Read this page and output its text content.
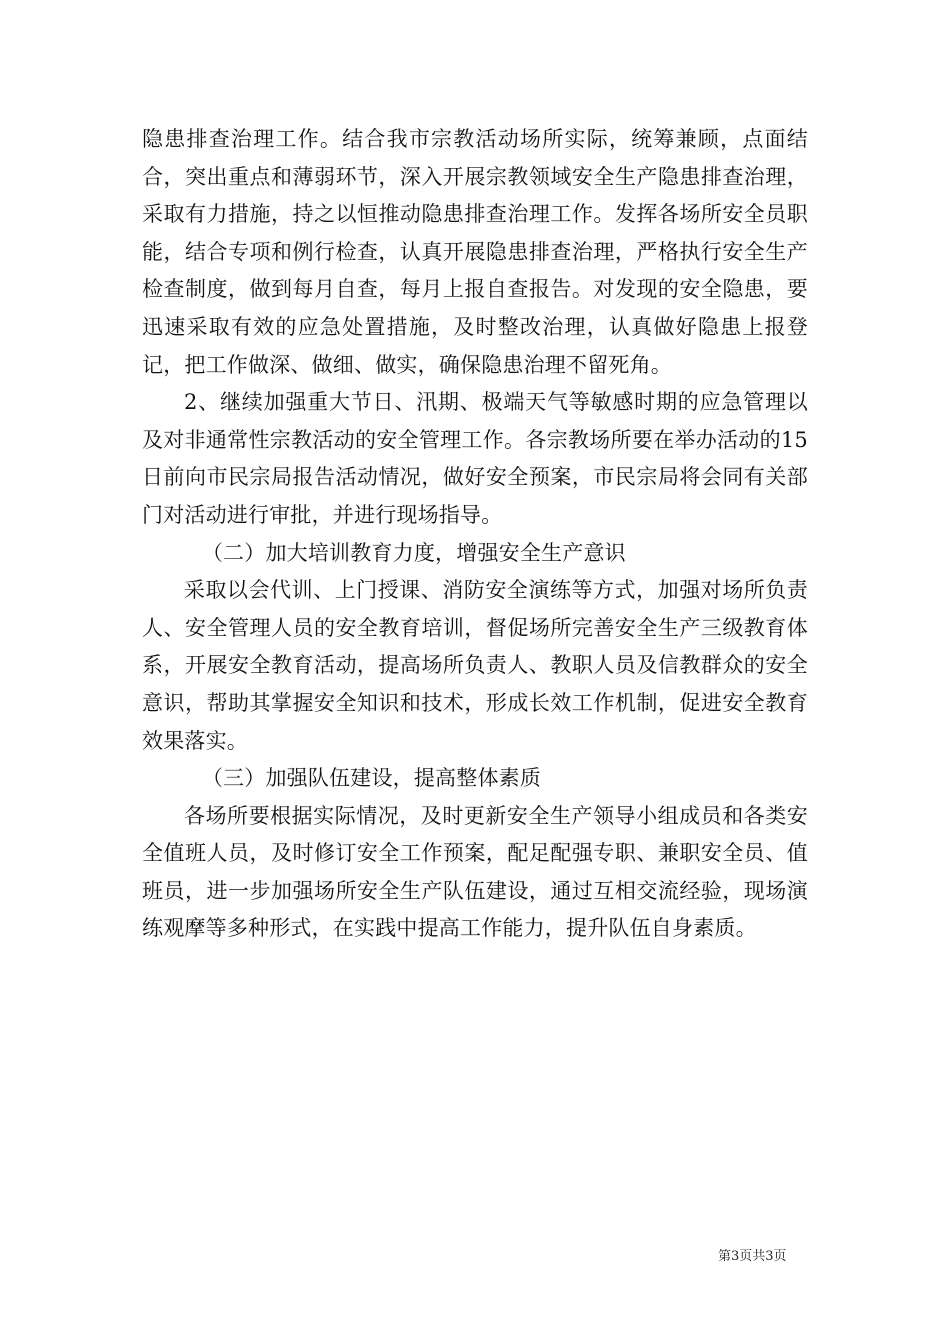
隐患排查治理工作。结合我市宗教活动场所实际，统筹兼顾，点面结合，突出重点和薄弱环节，深入开展宗教领域安全生产隐患排查治理，采取有力措施，持之以恒推动隐患排查治理工作。发挥各场所安全员职能，结合专项和例行检查，认真开展隐患排查治理，严格执行安全生产检查制度，做到每月自查，每月上报自查报告。对发现的安全隐患，要迅速采取有效的应急处置措施，及时整改治理，认真做好隐患上报登记，把工作做深、做细、做实，确保隐患治理不留死角。

2、继续加强重大节日、汛期、极端天气等敏感时期的应急管理以及对非通常性宗教活动的安全管理工作。各宗教场所要在举办活动的15日前向市民宗局报告活动情况，做好安全预案，市民宗局将会同有关部门对活动进行审批，并进行现场指导。

（二）加大培训教育力度，增强安全生产意识

采取以会代训、上门授课、消防安全演练等方式，加强对场所负责人、安全管理人员的安全教育培训，督促场所完善安全生产三级教育体系，开展安全教育活动，提高场所负责人、教职人员及信教群众的安全意识，帮助其掌握安全知识和技术，形成长效工作机制，促进安全教育效果落实。

（三）加强队伍建设，提高整体素质

各场所要根据实际情况，及时更新安全生产领导小组成员和各类安全值班人员，及时修订安全工作预案，配足配强专职、兼职安全员、值班员，进一步加强场所安全生产队伍建设，通过互相交流经验，现场演练观摩等多种形式，在实践中提高工作能力，提升队伍自身素质。

第3页共3页
